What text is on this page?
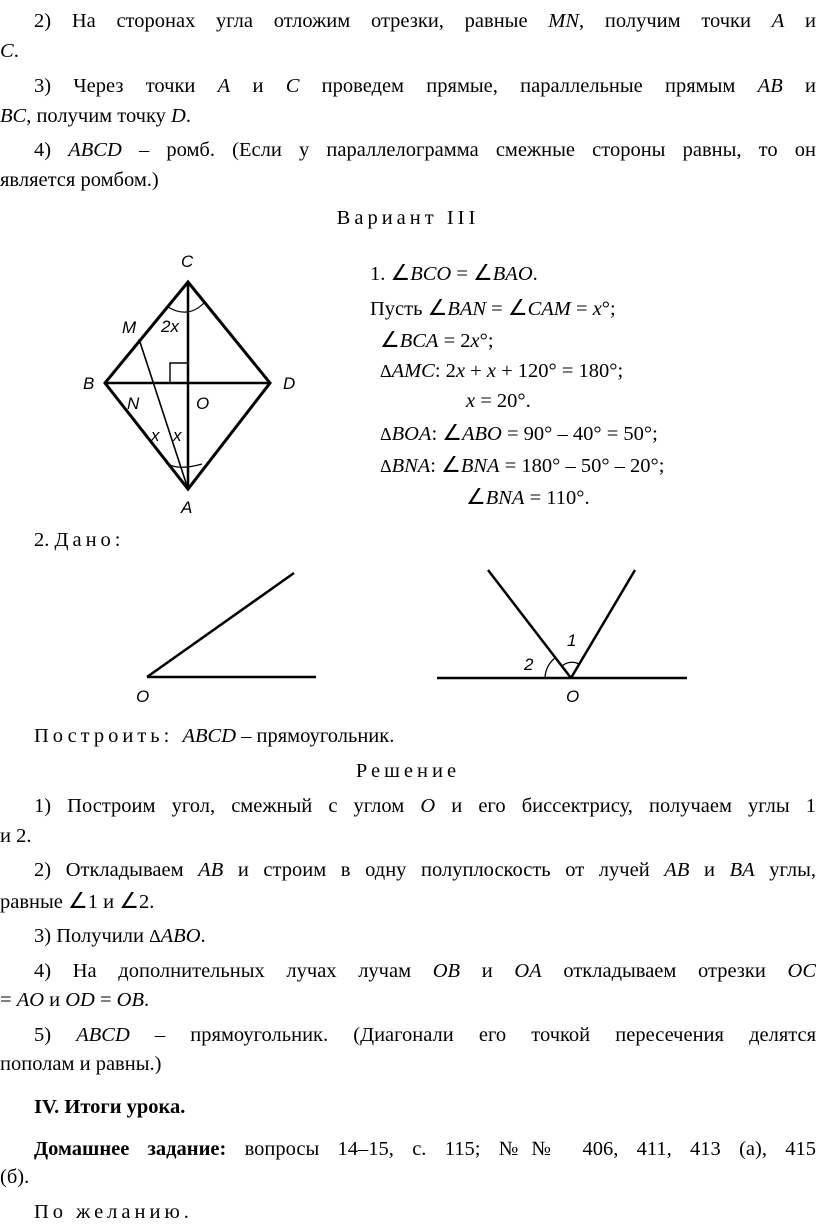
2) На сторонах угла отложим отрезки, равные MN, получим точки A и
C.
3) Через точки A и C проведем прямые, параллельные прямым AB и
BC, получим точку D.
4) ABCD – ромб. (Если у параллелограмма смежные стороны равны, то он
является ромбом.)
Вариант III
C
M 2x
B	D
N	O
x x
A
1. ∠BCO = ∠BAO.
Пусть ∠BAN = ∠CAM = x°;
∠BCA = 2x°;
ΔAMC: 2x + x + 120° = 180°;
x = 20°.
ΔBOA: ∠ABO = 90° – 40° = 50°;
ΔBNA: ∠BNA = 180° – 50° – 20°;
∠BNA = 110°.
2. Дано:
O	O
1
2
Построить: ABCD – прямоугольник.
Решение
1) Построим угол, смежный с углом O и его биссектрису, получаем углы 1
и 2.
2) Откладываем AB и строим в одну полуплоскость от лучей AB и BA углы,
равные ∠1 и ∠2.
3) Получили ΔABO.
4) На дополнительных лучах лучам OB и OA откладываем отрезки OC
= AO и OD = OB.
5) ABCD – прямоугольник. (Диагонали его точкой пересечения делятся
пополам и равны.)
IV. Итоги урока.
Домашнее задание: вопросы 14–15, с. 115; №№ 406, 411, 413 (а), 415
(б).
По желанию.
